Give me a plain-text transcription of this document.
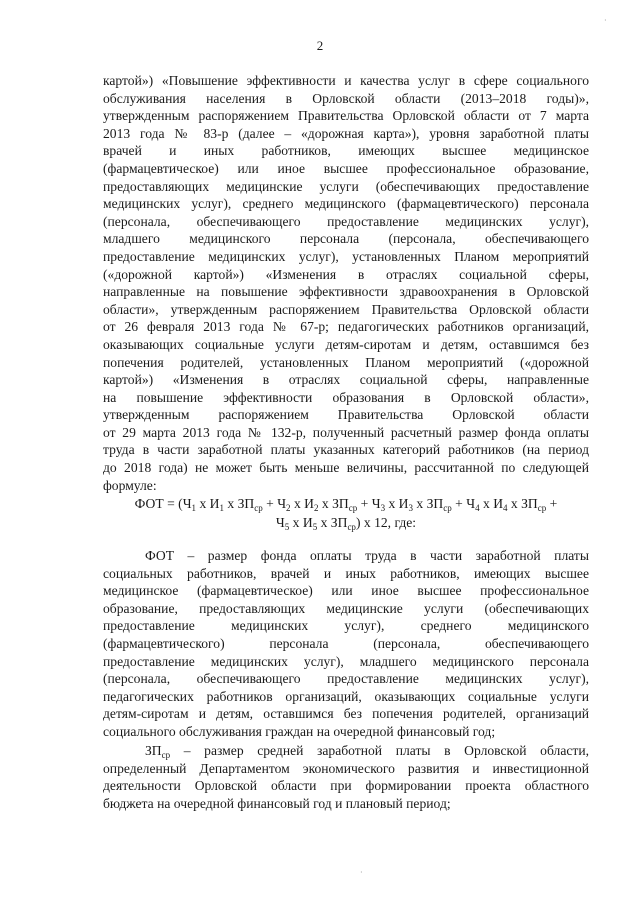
2
картой») «Повышение эффективности и качества услуг в сфере социального
обслуживания населения в Орловской области (2013–2018 годы)»,
утвержденным распоряжением Правительства Орловской области от 7 марта
2013 года № 83-р (далее – «дорожная карта»), уровня заработной платы
врачей и иных работников, имеющих высшее медицинское
(фармацевтическое) или иное высшее профессиональное образование,
предоставляющих медицинские услуги (обеспечивающих предоставление
медицинских услуг), среднего медицинского (фармацевтического) персонала
(персонала, обеспечивающего предоставление медицинских услуг),
младшего медицинского персонала (персонала, обеспечивающего
предоставление медицинских услуг), установленных Планом мероприятий
(«дорожной картой») «Изменения в отраслях социальной сферы,
направленные на повышение эффективности здравоохранения в Орловской
области», утвержденным распоряжением Правительства Орловской области
от 26 февраля 2013 года № 67-р; педагогических работников организаций,
оказывающих социальные услуги детям-сиротам и детям, оставшимся без
попечения родителей, установленных Планом мероприятий («дорожной
картой») «Изменения в отраслях социальной сферы, направленные
на повышение эффективности образования в Орловской области»,
утвержденным распоряжением Правительства Орловской области
от 29 марта 2013 года № 132-р, полученный расчетный размер фонда оплаты
труда в части заработной платы указанных категорий работников (на период
до 2018 года) не может быть меньше величины, рассчитанной по следующей
формуле:
ФОТ = ($Ч_1$ x $И_1$ x $ЗП_{ср} + Ч_2$ x $И_2$ x $ЗП_{ср} + Ч_3$ x $И_3$ x $ЗП_{ср} + Ч_4$ x $И_4$ x $ЗП_{ср}$ +
$Ч_5$ x $И_5$ x $ЗП_{ср}$) x 12, где:
ФОТ – размер фонда оплаты труда в части заработной платы
социальных работников, врачей и иных работников, имеющих высшее
медицинское (фармацевтическое) или иное высшее профессиональное
образование, предоставляющих медицинские услуги (обеспечивающих
предоставление медицинских услуг), среднего медицинского
(фармацевтического) персонала (персонала, обеспечивающего
предоставление медицинских услуг), младшего медицинского персонала
(персонала, обеспечивающего предоставление медицинских услуг),
педагогических работников организаций, оказывающих социальные услуги
детям-сиротам и детям, оставшимся без попечения родителей, организаций
социального обслуживания граждан на очередной финансовый год;
$ЗП_{ср}$ – размер средней заработной платы в Орловской области,
определенный Департаментом экономического развития и инвестиционной
деятельности Орловской области при формировании проекта областного
бюджета на очередной финансовый год и плановый период;
·
·
